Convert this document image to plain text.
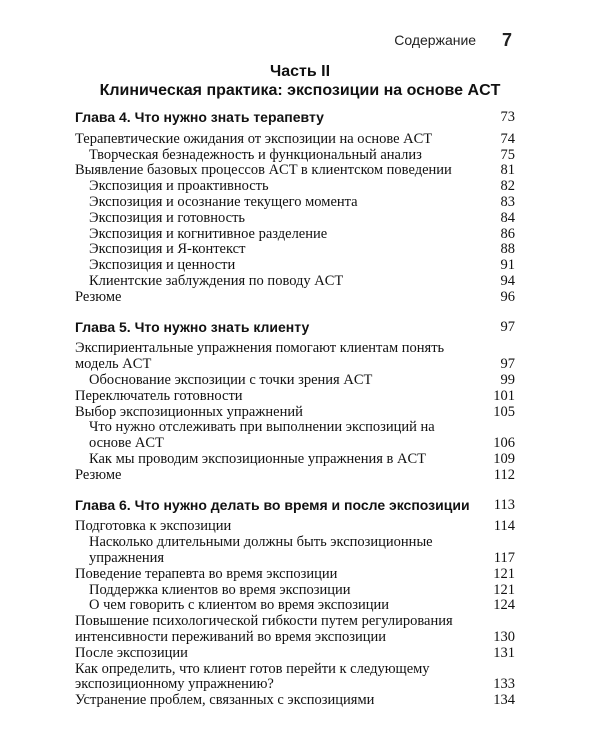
Содержание 7
Часть II
Клиническая практика: экспозиции на основе ACT
Глава 4. Что нужно знать терапевту	73
Терапевтические ожидания от экспозиции на основе ACT	74
Творческая безнадежность и функциональный анализ	75
Выявление базовых процессов ACT в клиентском поведении	81
Экспозиция и проактивность	82
Экспозиция и осознание текущего момента	83
Экспозиция и готовность	84
Экспозиция и когнитивное разделение	86
Экспозиция и Я-контекст	88
Экспозиция и ценности	91
Клиентские заблуждения по поводу ACT	94
Резюме	96
Глава 5. Что нужно знать клиенту	97
Экспириентальные упражнения помогают клиентам понять модель ACT	97
Обоснование экспозиции с точки зрения ACT	99
Переключатель готовности	101
Выбор экспозиционных упражнений	105
Что нужно отслеживать при выполнении экспозиций на основе ACT	106
Как мы проводим экспозиционные упражнения в ACT	109
Резюме	112
Глава 6. Что нужно делать во время и после экспозиции	113
Подготовка к экспозиции	114
Насколько длительными должны быть экспозиционные упражнения	117
Поведение терапевта во время экспозиции	121
Поддержка клиентов во время экспозиции	121
О чем говорить с клиентом во время экспозиции	124
Повышение психологической гибкости путем регулирования интенсивности переживаний во время экспозиции	130
После экспозиции	131
Как определить, что клиент готов перейти к следующему экспозиционному упражнению?	133
Устранение проблем, связанных с экспозициями	134
